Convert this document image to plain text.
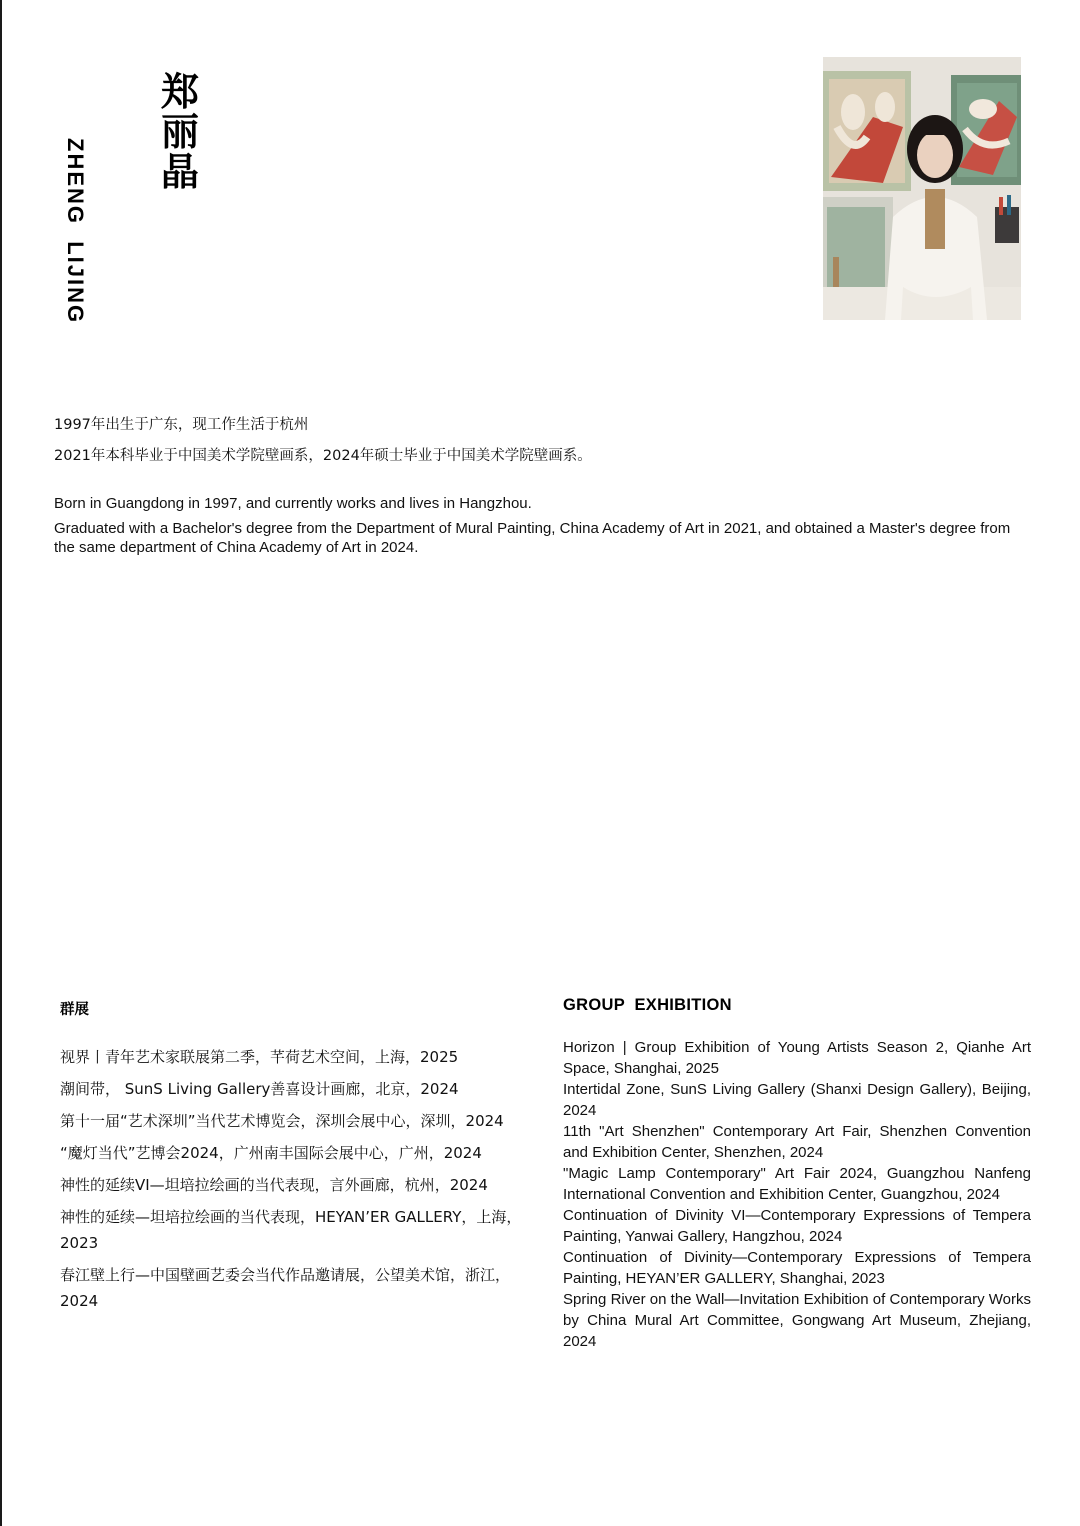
郑丽晶
ZHENG  LIJING

1997年出生于广东，现工作生活于杭州

2021年本科毕业于中国美术学院壁画系，2024年硕士毕业于中国美术学院壁画系。

Born in Guangdong in 1997, and currently works and lives in Hangzhou.

Graduated with a Bachelor's degree from the Department of Mural Painting, China Academy of Art in 2021, and obtained a Master's degree from the same department of China Academy of Art in 2024.

群展
视界丨青年艺术家联展第二季，芊荷艺术空间，上海，2025
潮间带， SunS Living Gallery善喜设计画廊，北京，2024
第十一届“艺术深圳”当代艺术博览会，深圳会展中心，深圳，2024
“魔灯当代”艺博会2024，广州南丰国际会展中心，广州，2024
神性的延续VI—坦培拉绘画的当代表现，言外画廊，杭州，2024
神性的延续—坦培拉绘画的当代表现，HEYAN’ER GALLERY，上海，2023
春江壁上行—中国壁画艺委会当代作品邀请展，公望美术馆，浙江，2024
GROUP  EXHIBITION
Horizon | Group Exhibition of Young Artists Season 2, Qianhe Art Space, Shanghai, 2025
Intertidal Zone, SunS Living Gallery (Shanxi Design Gallery), Beijing, 2024
11th "Art Shenzhen" Contemporary Art Fair, Shenzhen Convention and Exhibition Center, Shenzhen, 2024
"Magic Lamp Contemporary" Art Fair 2024, Guangzhou Nanfeng International Convention and Exhibition Center, Guangzhou, 2024
Continuation of Divinity VI—Contemporary Expressions of Tempera Painting, Yanwai Gallery, Hangzhou, 2024
Continuation of Divinity—Contemporary Expressions of Tempera Painting, HEYAN’ER GALLERY, Shanghai, 2023
Spring River on the Wall—Invitation Exhibition of Contemporary Works by China Mural Art Committee, Gongwang Art Museum, Zhejiang, 2024
